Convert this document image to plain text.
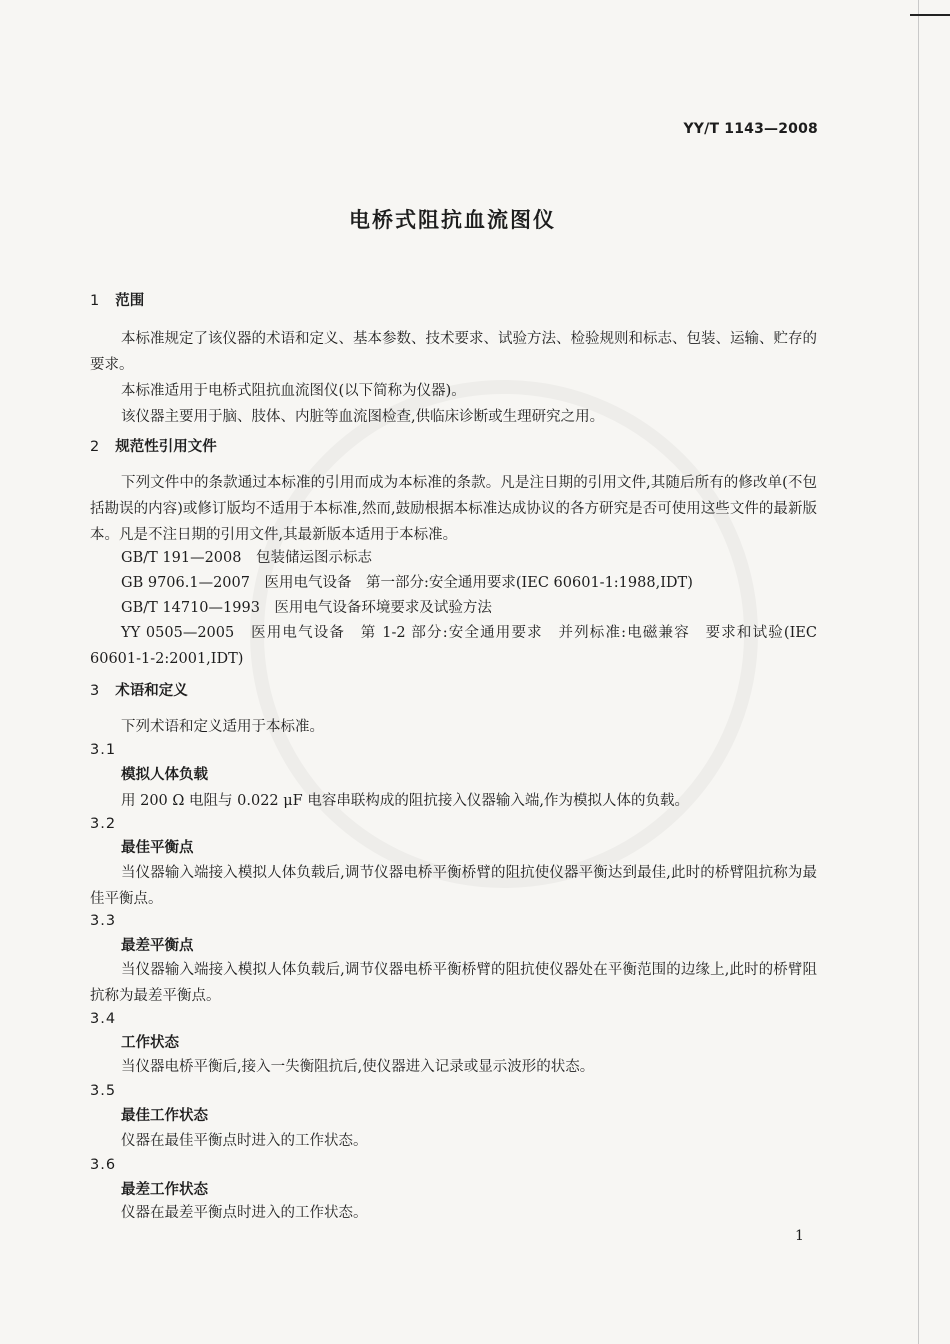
YY/T 1143—2008
电桥式阻抗血流图仪
1 范围
本标准规定了该仪器的术语和定义、基本参数、技术要求、试验方法、检验规则和标志、包装、运输、贮存的要求。
本标准适用于电桥式阻抗血流图仪(以下简称为仪器)。
该仪器主要用于脑、肢体、内脏等血流图检查,供临床诊断或生理研究之用。
2 规范性引用文件
下列文件中的条款通过本标准的引用而成为本标准的条款。凡是注日期的引用文件,其随后所有的修改单(不包括勘误的内容)或修订版均不适用于本标准,然而,鼓励根据本标准达成协议的各方研究是否可使用这些文件的最新版本。凡是不注日期的引用文件,其最新版本适用于本标准。
GB/T 191—2008　包装储运图示标志
GB 9706.1—2007　医用电气设备　第一部分:安全通用要求(IEC 60601-1:1988,IDT)
GB/T 14710—1993　医用电气设备环境要求及试验方法
YY 0505—2005　医用电气设备　第 1-2 部分:安全通用要求　并列标准:电磁兼容　要求和试验(IEC 60601-1-2:2001,IDT)
3 术语和定义
下列术语和定义适用于本标准。
3.1
模拟人体负载
用 200 Ω 电阻与 0.022 μF 电容串联构成的阻抗接入仪器输入端,作为模拟人体的负载。
3.2
最佳平衡点
当仪器输入端接入模拟人体负载后,调节仪器电桥平衡桥臂的阻抗使仪器平衡达到最佳,此时的桥臂阻抗称为最佳平衡点。
3.3
最差平衡点
当仪器输入端接入模拟人体负载后,调节仪器电桥平衡桥臂的阻抗使仪器处在平衡范围的边缘上,此时的桥臂阻抗称为最差平衡点。
3.4
工作状态
当仪器电桥平衡后,接入一失衡阻抗后,使仪器进入记录或显示波形的状态。
3.5
最佳工作状态
仪器在最佳平衡点时进入的工作状态。
3.6
最差工作状态
仪器在最差平衡点时进入的工作状态。
1
